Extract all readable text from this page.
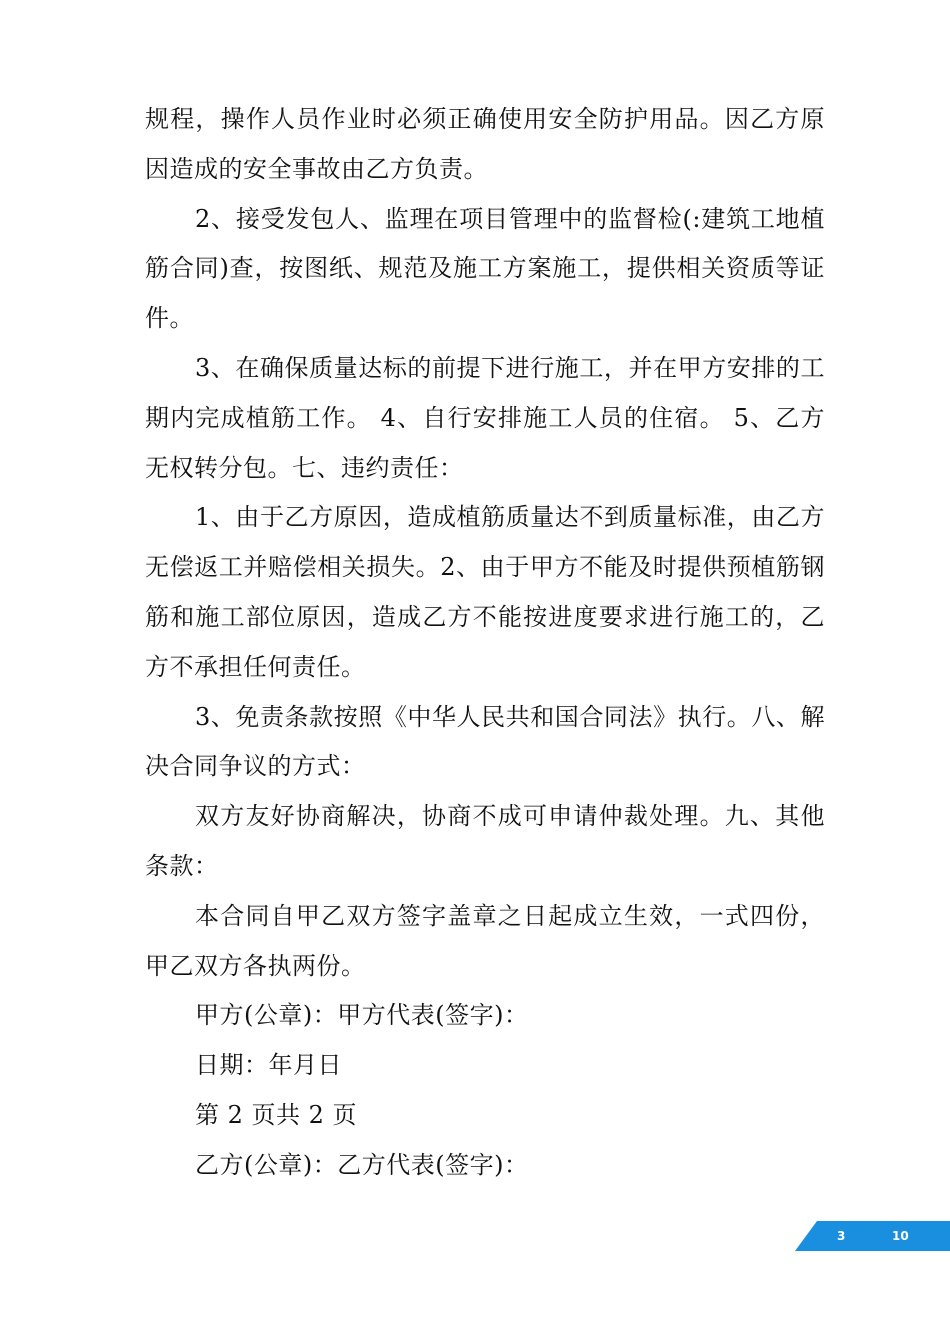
规程，操作人员作业时必须正确使用安全防护用品。因乙方原因造成的安全事故由乙方负责。

2、接受发包人、监理在项目管理中的监督检(:建筑工地植筋合同)查，按图纸、规范及施工方案施工，提供相关资质等证件。

3、在确保质量达标的前提下进行施工，并在甲方安排的工期内完成植筋工作。 4、自行安排施工人员的住宿。 5、乙方无权转分包。七、违约责任：

1、由于乙方原因，造成植筋质量达不到质量标准，由乙方无偿返工并赔偿相关损失。2、由于甲方不能及时提供预植筋钢筋和施工部位原因，造成乙方不能按进度要求进行施工的，乙方不承担任何责任。

3、免责条款按照《中华人民共和国合同法》执行。八、解决合同争议的方式：

双方友好协商解决，协商不成可申请仲裁处理。九、其他条款：

本合同自甲乙双方签字盖章之日起成立生效，一式四份，甲乙双方各执两份。

甲方(公章)：甲方代表(签字)：

日期：年月日

第 2 页共 2 页

乙方(公章)：乙方代表(签字)：

3	10
